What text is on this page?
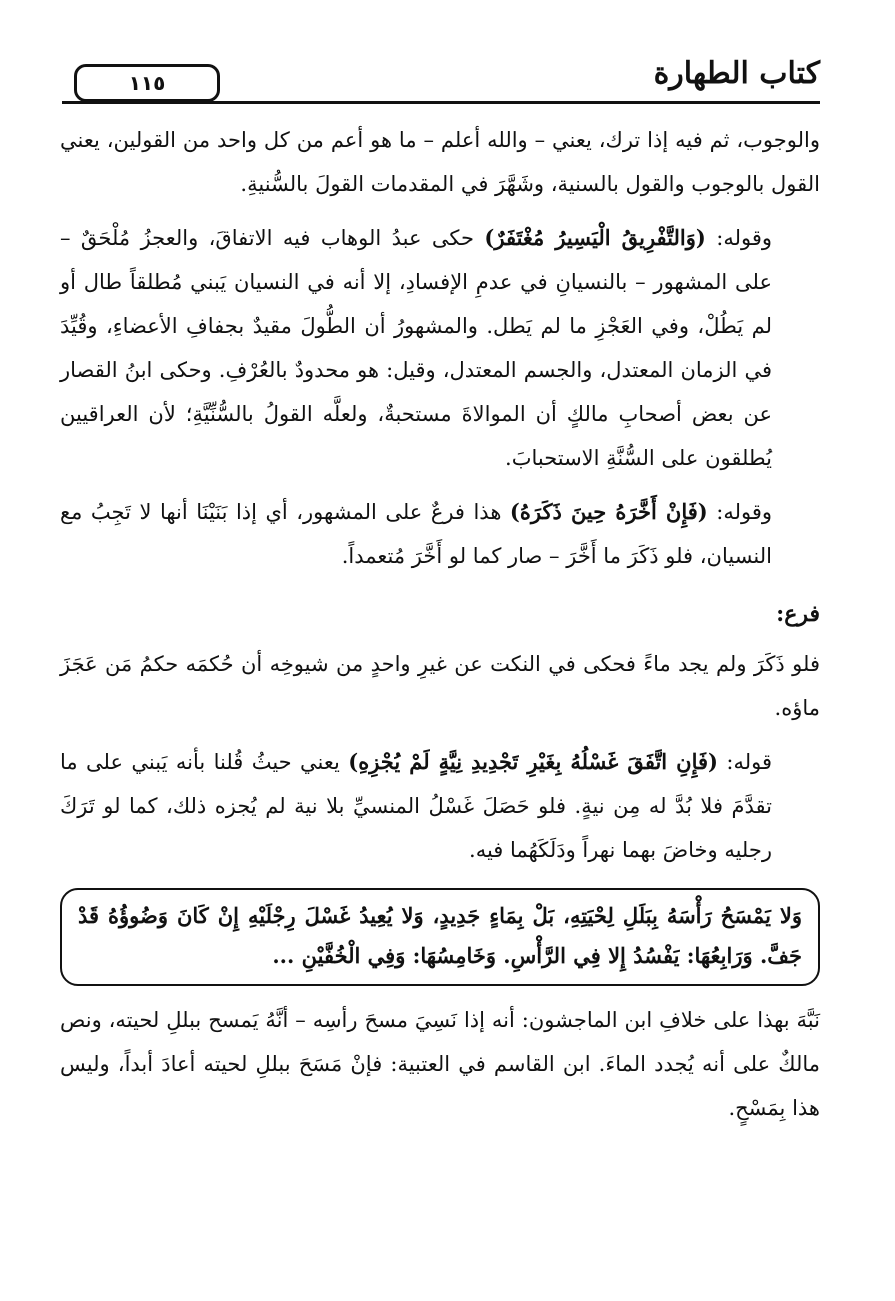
كتاب الطهارة
١١٥

والوجوب، ثم فيه إذا ترك، يعني – والله أعلم – ما هو أعم من كل واحد من القولين، يعني القول بالوجوب والقول بالسنية، وشَهَّرَ في المقدمات القولَ بالسُّنيةِ.

وقوله: (وَالتَّفْرِيقُ الْيَسِيرُ مُغْتَفَرٌ) حكى عبدُ الوهاب فيه الاتفاقَ، والعجزُ مُلْحَقٌ – على المشهور – بالنسيانِ في عدمِ الإفسادِ، إلا أنه في النسيان يَبني مُطلقاً طال أو لم يَطُلْ، وفي العَجْزِ ما لم يَطل. والمشهورُ أن الطُّولَ مقيدٌ بجفافِ الأعضاءِ، وقُيِّدَ في الزمان المعتدل، والجسم المعتدل، وقيل: هو محدودٌ بالعُرْفِ. وحكى ابنُ القصار عن بعض أصحابِ مالكٍ أن الموالاةَ مستحبةٌ، ولعلَّه القولُ بالسُّنِّيَّةِ؛ لأن العراقيين يُطلقون على السُّنَّةِ الاستحبابَ.

وقوله: (فَإِنْ أَخَّرَهُ حِينَ ذَكَرَهُ) هذا فرعٌ على المشهور، أي إذا بَنَيْنَا أنها لا تَجِبُ مع النسيان، فلو ذَكَرَ ما أَخَّرَ – صار كما لو أَخَّرَ مُتعمداً.

فرع:

فلو ذَكَرَ ولم يجد ماءً فحكى في النكت عن غيرِ واحدٍ من شيوخِه أن حُكمَه حكمُ مَن عَجَزَ ماؤه.

قوله: (فَإِنِ اتَّفَقَ غَسْلُهُ بِغَيْرِ تَجْدِيدِ نِيَّةٍ لَمْ يُجْزِهِ) يعني حيثُ قُلنا بأنه يَبني على ما تقدَّمَ فلا بُدَّ له مِن نيةٍ. فلو حَصَلَ غَسْلُ المنسيِّ بلا نية لم يُجزه ذلك، كما لو تَرَكَ رجليه وخاضَ بهما نهراً ودَلَكَهُما فيه.

وَلا يَمْسَحُ رَأْسَهُ بِبَلَلِ لِحْيَتِهِ، بَلْ بِمَاءٍ جَدِيدٍ، وَلا يُعِيدُ غَسْلَ رِجْلَيْهِ إِنْ كَانَ وَضُوؤُهُ قَدْ جَفَّ. وَرَابِعُهَا: يَفْسُدُ إِلا فِي الرَّأْسِ. وَخَامِسُهَا: وَفِي الْخُفَّيْنِ ...

نَبَّهَ بهذا على خلافِ ابن الماجشون: أنه إذا نَسِيَ مسحَ رأسِه – أنَّهُ يَمسح ببللِ لحيته، ونص مالكٌ على أنه يُجدد الماءَ. ابن القاسم في العتبية: فإنْ مَسَحَ ببللِ لحيته أعادَ أبداً، وليس هذا بِمَسْحٍ.
